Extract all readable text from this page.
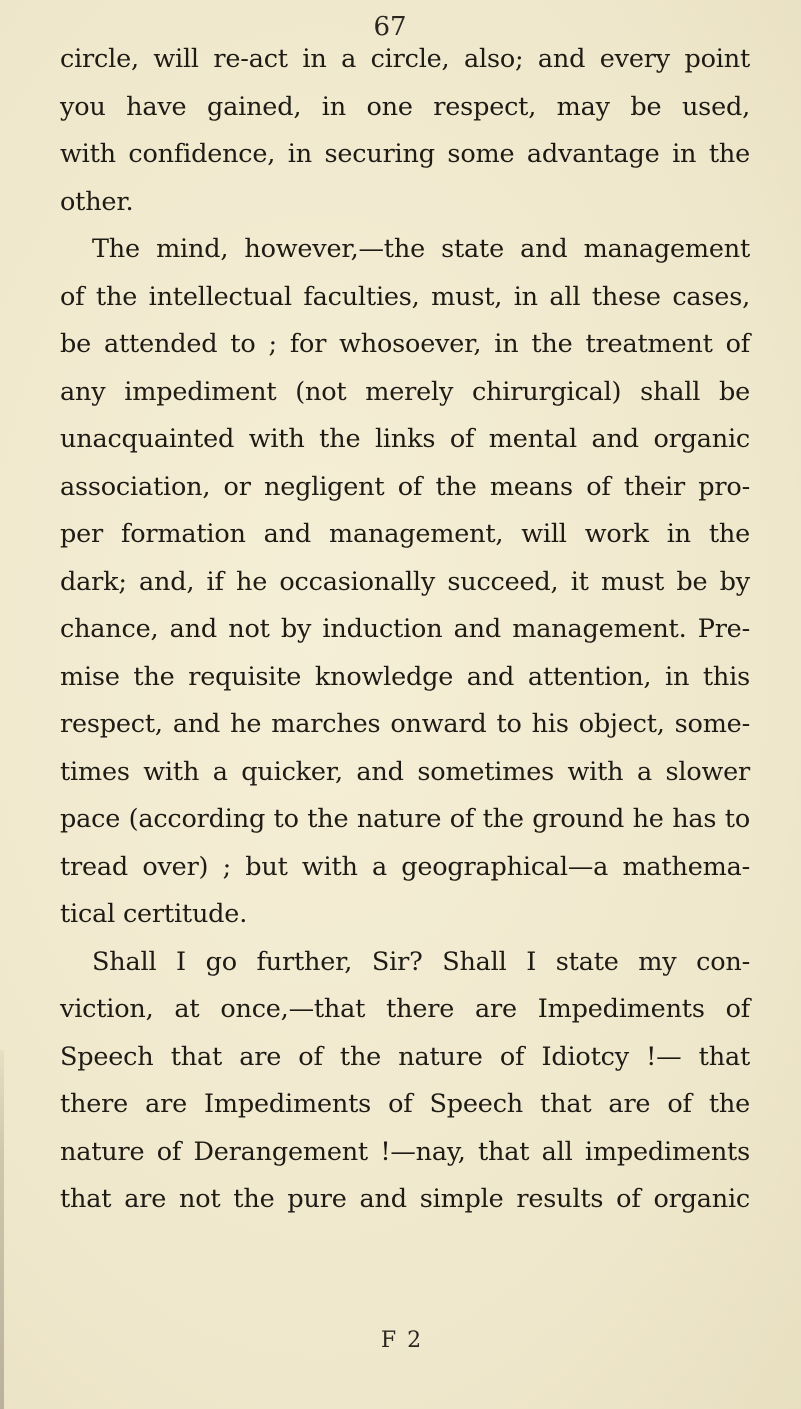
67
circle, will re-act in a circle, also; and every point
you have gained, in one respect, may be used,
with confidence, in securing some advantage in the
other.
The mind, however,—the state and management
of the intellectual faculties, must, in all these cases,
be attended to ; for whosoever, in the treatment of
any impediment (not merely chirurgical) shall be
unacquainted with the links of mental and organic
association, or negligent of the means of their pro-
per formation and management, will work in the
dark; and, if he occasionally succeed, it must be by
chance, and not by induction and management. Pre-
mise the requisite knowledge and attention, in this
respect, and he marches onward to his object, some-
times with a quicker, and sometimes with a slower
pace (according to the nature of the ground he has to
tread over) ; but with a geographical—a mathema-
tical certitude.
Shall I go further, Sir? Shall I state my con-
viction, at once,—that there are Impediments of
Speech that are of the nature of Idiotcy !— that
there are Impediments of Speech that are of the
nature of Derangement !—nay, that all impediments
that are not the pure and simple results of organic
F 2
